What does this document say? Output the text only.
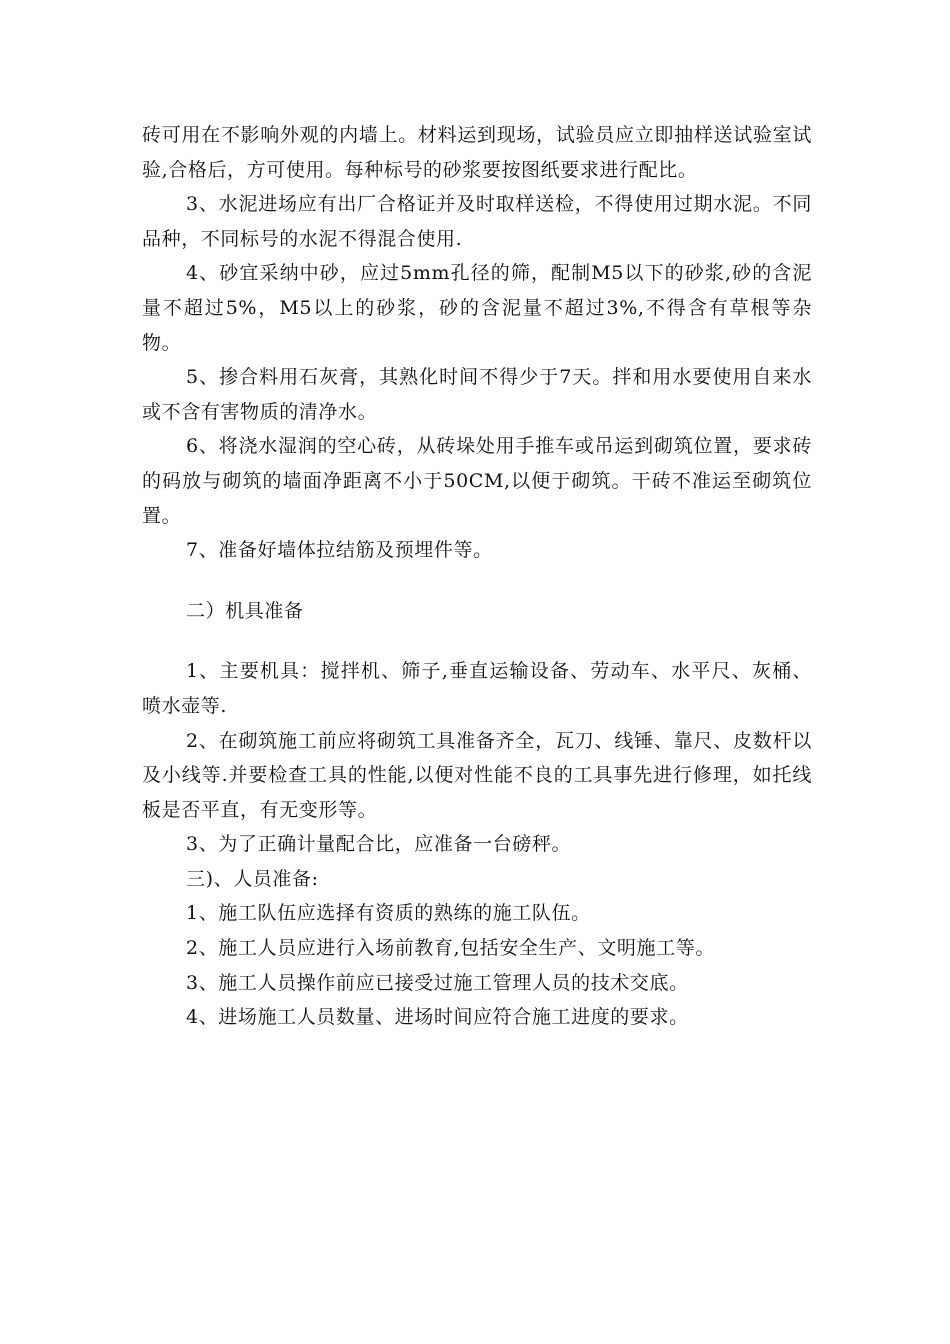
砖可用在不影响外观的内墙上。材料运到现场，试验员应立即抽样送试验室试验,合格后，方可使用。每种标号的砂浆要按图纸要求进行配比。

3、水泥进场应有出厂合格证并及时取样送检，不得使用过期水泥。不同品种，不同标号的水泥不得混合使用.

4、砂宜采纳中砂，应过5mm孔径的筛，配制M5以下的砂浆,砂的含泥量不超过5%，M5以上的砂浆，砂的含泥量不超过3%,不得含有草根等杂物。

5、掺合料用石灰膏，其熟化时间不得少于7天。拌和用水要使用自来水或不含有害物质的清净水。

6、将浇水湿润的空心砖，从砖垛处用手推车或吊运到砌筑位置，要求砖的码放与砌筑的墙面净距离不小于50CM,以便于砌筑。干砖不准运至砌筑位置。

7、准备好墙体拉结筋及预埋件等。

二）机具准备

1、主要机具：搅拌机、筛子,垂直运输设备、劳动车、水平尺、灰桶、喷水壶等.

2、在砌筑施工前应将砌筑工具准备齐全，瓦刀、线锤、靠尺、皮数杆以及小线等.并要检查工具的性能,以便对性能不良的工具事先进行修理，如托线板是否平直，有无变形等。

3、为了正确计量配合比，应准备一台磅秤。

三)、人员准备:

1、施工队伍应选择有资质的熟练的施工队伍。

2、施工人员应进行入场前教育,包括安全生产、文明施工等。

3、施工人员操作前应已接受过施工管理人员的技术交底。

4、进场施工人员数量、进场时间应符合施工进度的要求。
